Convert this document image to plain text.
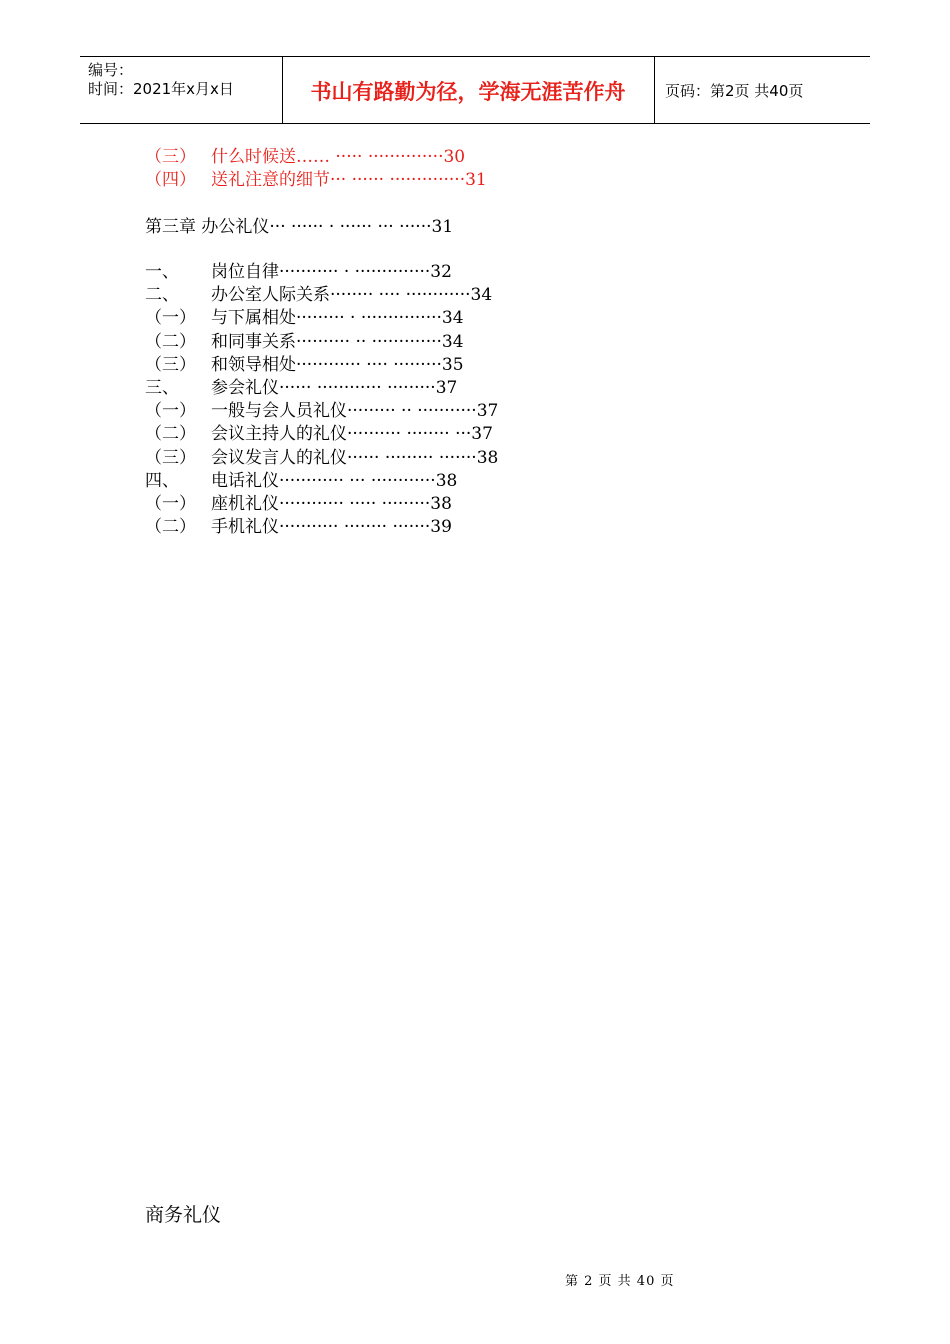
编号：
时间：2021年x月x日	书山有路勤为径，学海无涯苦作舟	页码：第2页 共40页
（三） 什么时候送…… ····· ··············30
（四） 送礼注意的细节··· ······ ··············31
第三章 办公礼仪··· ······ · ······ ··· ······31
一、	岗位自律··········· · ··············32
二、	办公室人际关系········ ···· ············34
（一） 与下属相处········· · ···············34
（二） 和同事关系·········· ·· ·············34
（三） 和领导相处············ ···· ·········35
三、	参会礼仪······ ············ ·········37
（一） 一般与会人员礼仪········· ·· ···········37
（二） 会议主持人的礼仪·········· ········ ···37
（三） 会议发言人的礼仪······ ········· ·······38
四、	电话礼仪············ ··· ············38
（一） 座机礼仪············ ····· ·········38
（二） 手机礼仪··········· ········ ·······39
商务礼仪
第 2 页 共 40 页
